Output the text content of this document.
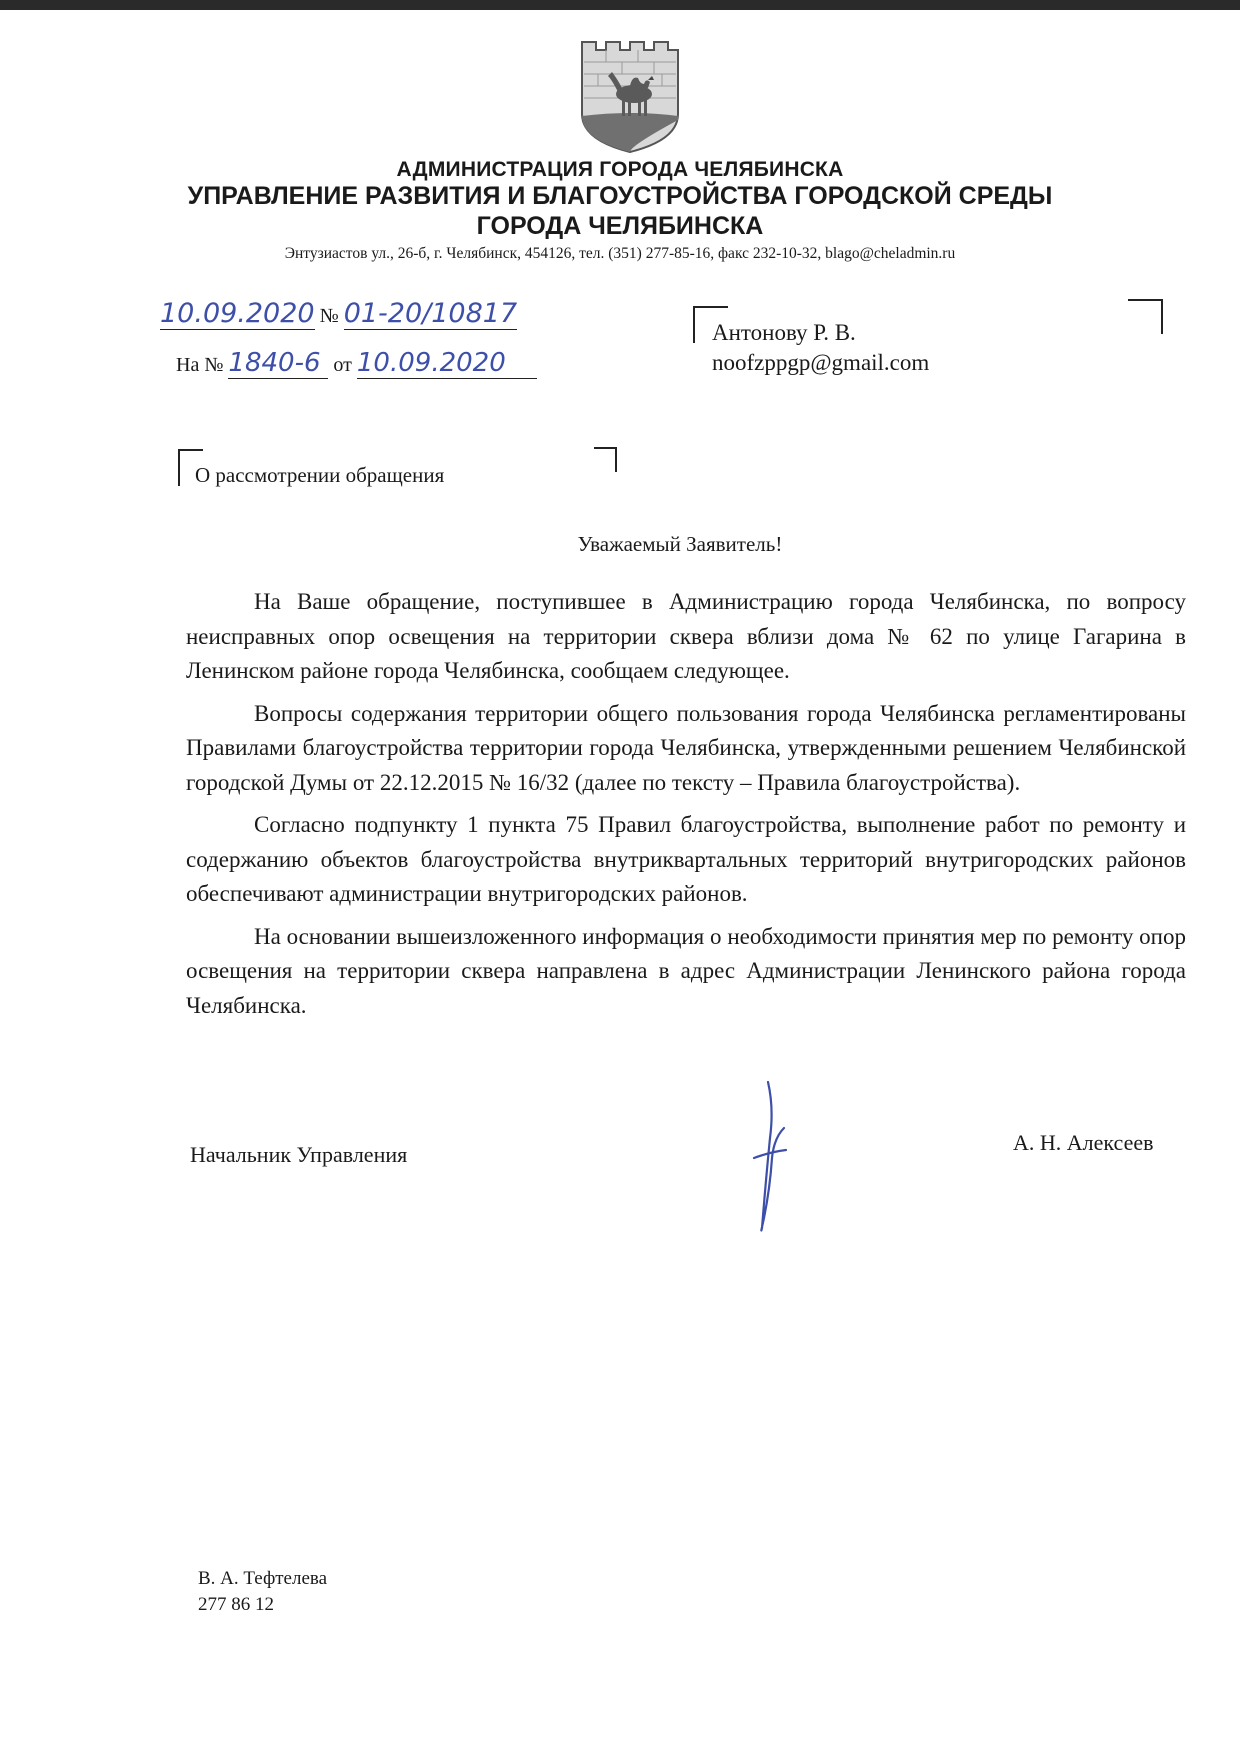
АДМИНИСТРАЦИЯ ГОРОДА ЧЕЛЯБИНСКА
УПРАВЛЕНИЕ РАЗВИТИЯ И БЛАГОУСТРОЙСТВА ГОРОДСКОЙ СРЕДЫ
ГОРОДА ЧЕЛЯБИНСКА
Энтузиастов ул., 26-б, г. Челябинск, 454126, тел. (351) 277-85-16, факс 232-10-32, blago@cheladmin.ru
10.09.2020 № 01-20/10817
На № 1840-6 от 10.09.2020
Антонову Р. В.
noofzppgp@gmail.com
О рассмотрении обращения
Уважаемый Заявитель!

На Ваше обращение, поступившее в Администрацию города Челябинска, по вопросу неисправных опор освещения на территории сквера вблизи дома № 62 по улице Гагарина в Ленинском районе города Челябинска, сообщаем следующее.

Вопросы содержания территории общего пользования города Челябинска регламентированы Правилами благоустройства территории города Челябинска, утвержденными решением Челябинской городской Думы от 22.12.2015 № 16/32 (далее по тексту – Правила благоустройства).

Согласно подпункту 1 пункта 75 Правил благоустройства, выполнение работ по ремонту и содержанию объектов благоустройства внутриквартальных территорий внутригородских районов обеспечивают администрации внутригородских районов.

На основании вышеизложенного информация о необходимости принятия мер по ремонту опор освещения на территории сквера направлена в адрес Администрации Ленинского района города Челябинска.

Начальник Управления	А. Н. Алексеев
В. А. Тефтелева
277 86 12
